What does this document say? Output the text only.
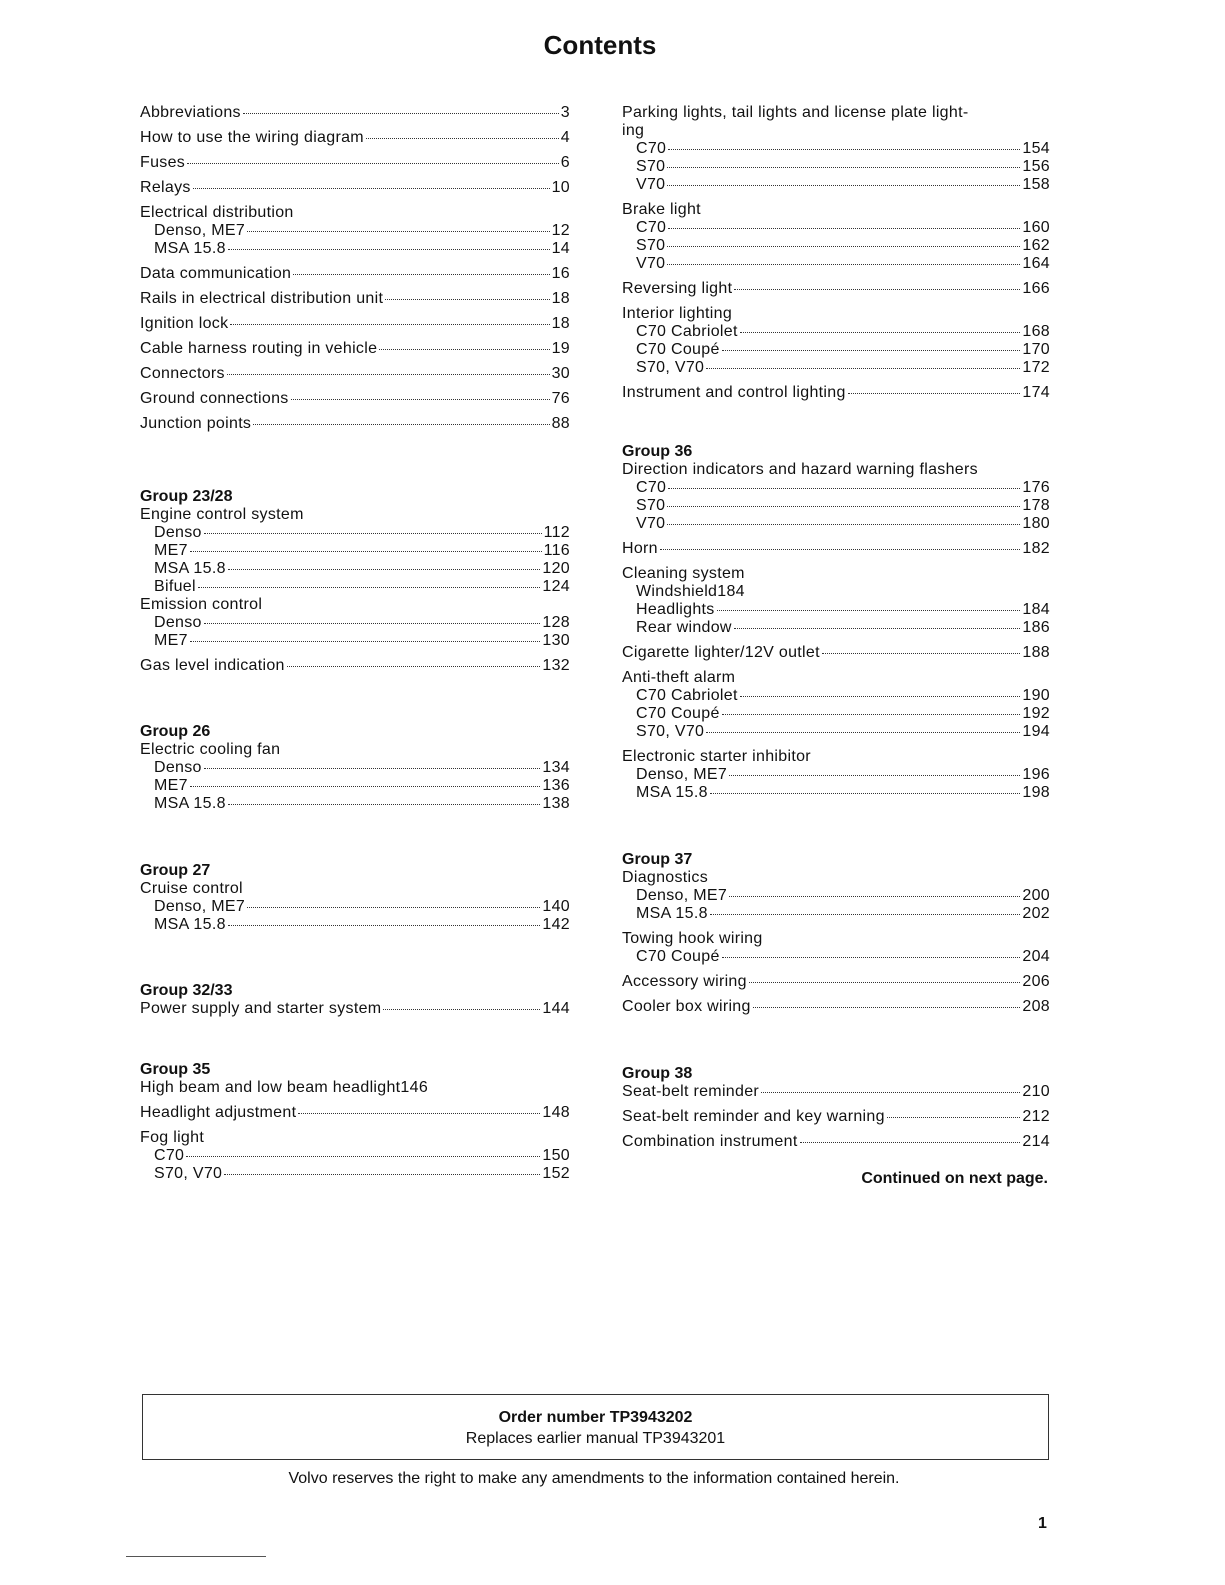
Contents
Abbreviations	3
How to use the wiring diagram	4
Fuses	6
Relays	10
Electrical distribution
Denso, ME7	12
MSA 15.8	14
Data communication	16
Rails in electrical distribution unit	18
Ignition lock	18
Cable harness routing in vehicle	19
Connectors	30
Ground connections	76
Junction points	88
Group 23/28
Engine control system
Denso	112
ME7	116
MSA 15.8	120
Bifuel	124
Emission control
Denso	128
ME7	130
Gas level indication	132
Group 26
Electric cooling fan
Denso	134
ME7	136
MSA 15.8	138
Group 27
Cruise control
Denso, ME7	140
MSA 15.8	142
Group 32/33
Power supply and starter system	144
Group 35
High beam and low beam headlight146
Headlight adjustment	148
Fog light
C70	150
S70, V70	152
Parking lights, tail lights and license plate light-
ing
C70	154
S70	156
V70	158
Brake light
C70	160
S70	162
V70	164
Reversing light	166
Interior lighting
C70 Cabriolet	168
C70 Coupé	170
S70, V70	172
Instrument and control lighting	174
Group 36
Direction indicators and hazard warning flashers
C70	176
S70	178
V70	180
Horn	182
Cleaning system
Windshield184
Headlights	184
Rear window	186
Cigarette lighter/12V outlet	188
Anti-theft alarm
C70 Cabriolet	190
C70 Coupé	192
S70, V70	194
Electronic starter inhibitor
Denso, ME7	196
MSA 15.8	198
Group 37
Diagnostics
Denso, ME7	200
MSA 15.8	202
Towing hook wiring
C70 Coupé	204
Accessory wiring	206
Cooler box wiring	208
Group 38
Seat-belt reminder	210
Seat-belt reminder and key warning	212
Combination instrument	214
Continued on next page.
Order number TP3943202
Replaces earlier manual TP3943201
Volvo reserves the right to make any amendments to the information contained herein.
1
